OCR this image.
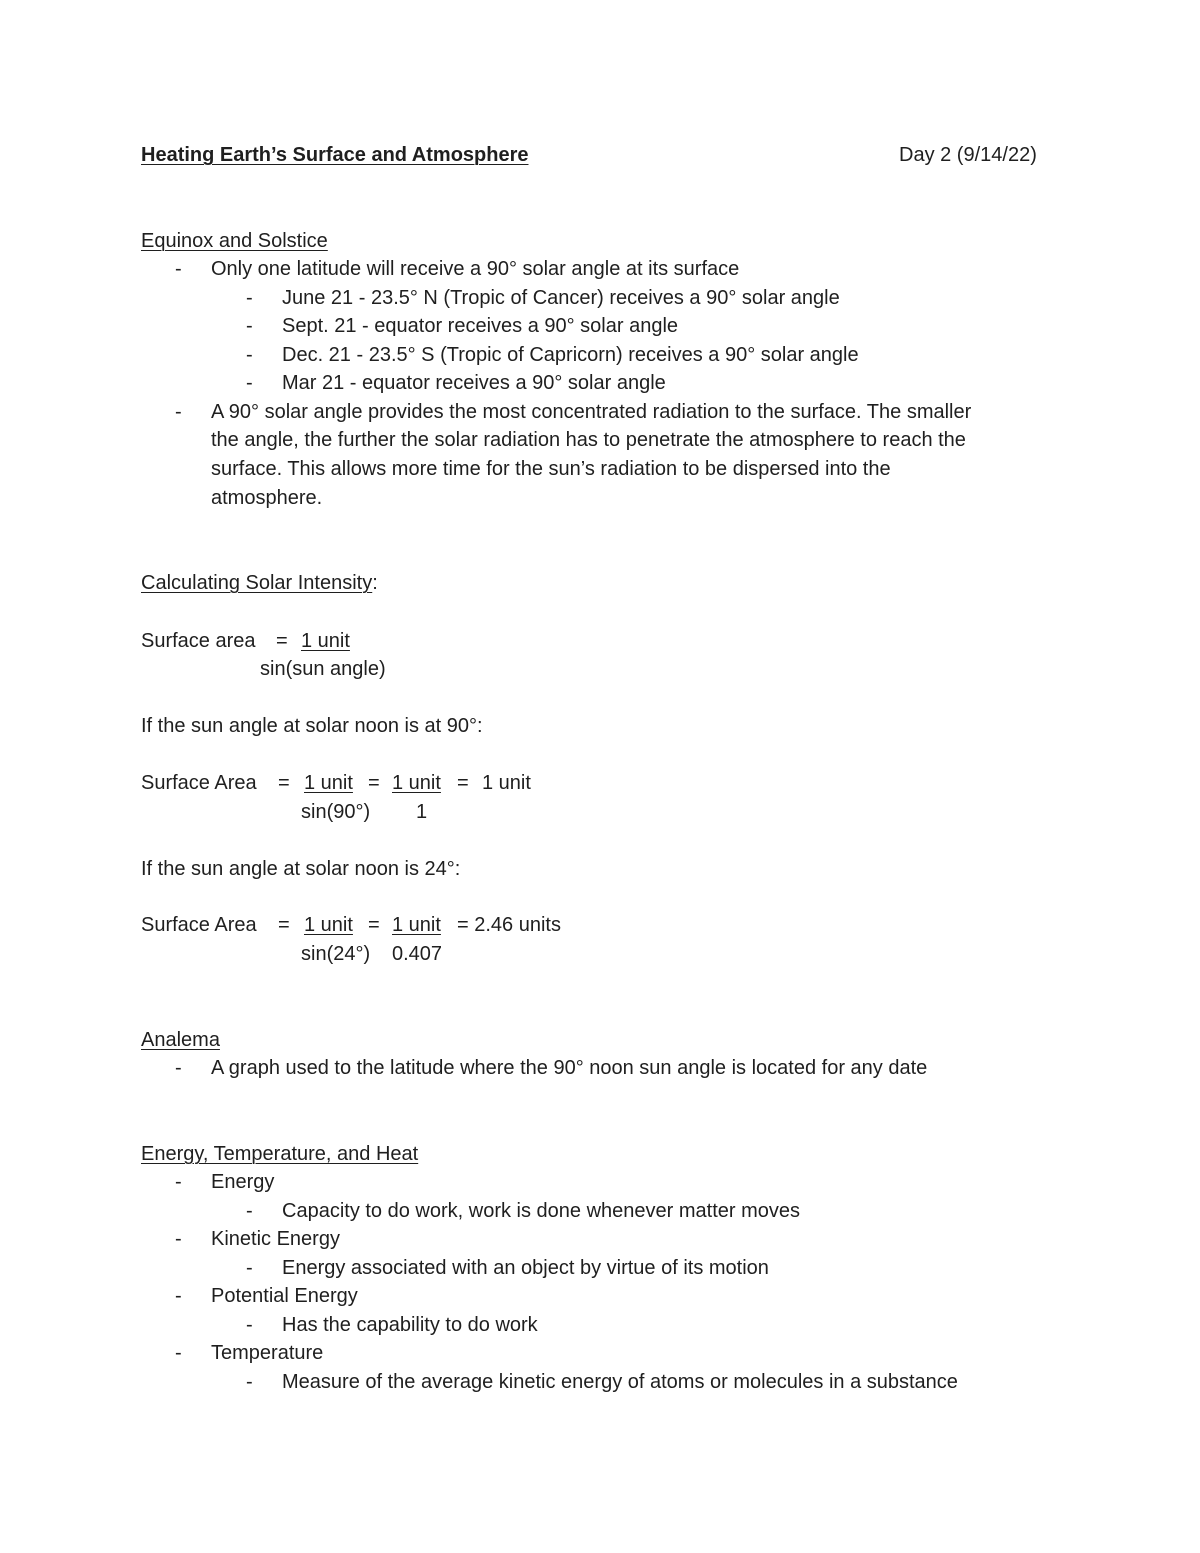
Heating Earth’s Surface and Atmosphere	Day 2 (9/14/22)
Equinox and Solstice
- Only one latitude will receive a 90° solar angle at its surface
- June 21 - 23.5° N (Tropic of Cancer) receives a 90° solar angle
- Sept. 21 - equator receives a 90° solar angle
- Dec. 21 - 23.5° S (Tropic of Capricorn) receives a 90° solar angle
- Mar 21 - equator receives a 90° solar angle
- A 90° solar angle provides the most concentrated radiation to the surface. The smaller
the angle, the further the solar radiation has to penetrate the atmosphere to reach the
surface. This allows more time for the sun’s radiation to be dispersed into the
atmosphere.
Calculating Solar Intensity:
Surface area = 1 unit
sin(sun angle)
If the sun angle at solar noon is at 90°:
Surface Area = 1 unit = 1 unit = 1 unit
sin(90°) 1
If the sun angle at solar noon is 24°:
Surface Area = 1 unit = 1 unit = 2.46 units
sin(24°) 0.407
Analema
- A graph used to the latitude where the 90° noon sun angle is located for any date
Energy, Temperature, and Heat
- Energy
- Capacity to do work, work is done whenever matter moves
- Kinetic Energy
- Energy associated with an object by virtue of its motion
- Potential Energy
- Has the capability to do work
- Temperature
- Measure of the average kinetic energy of atoms or molecules in a substance
